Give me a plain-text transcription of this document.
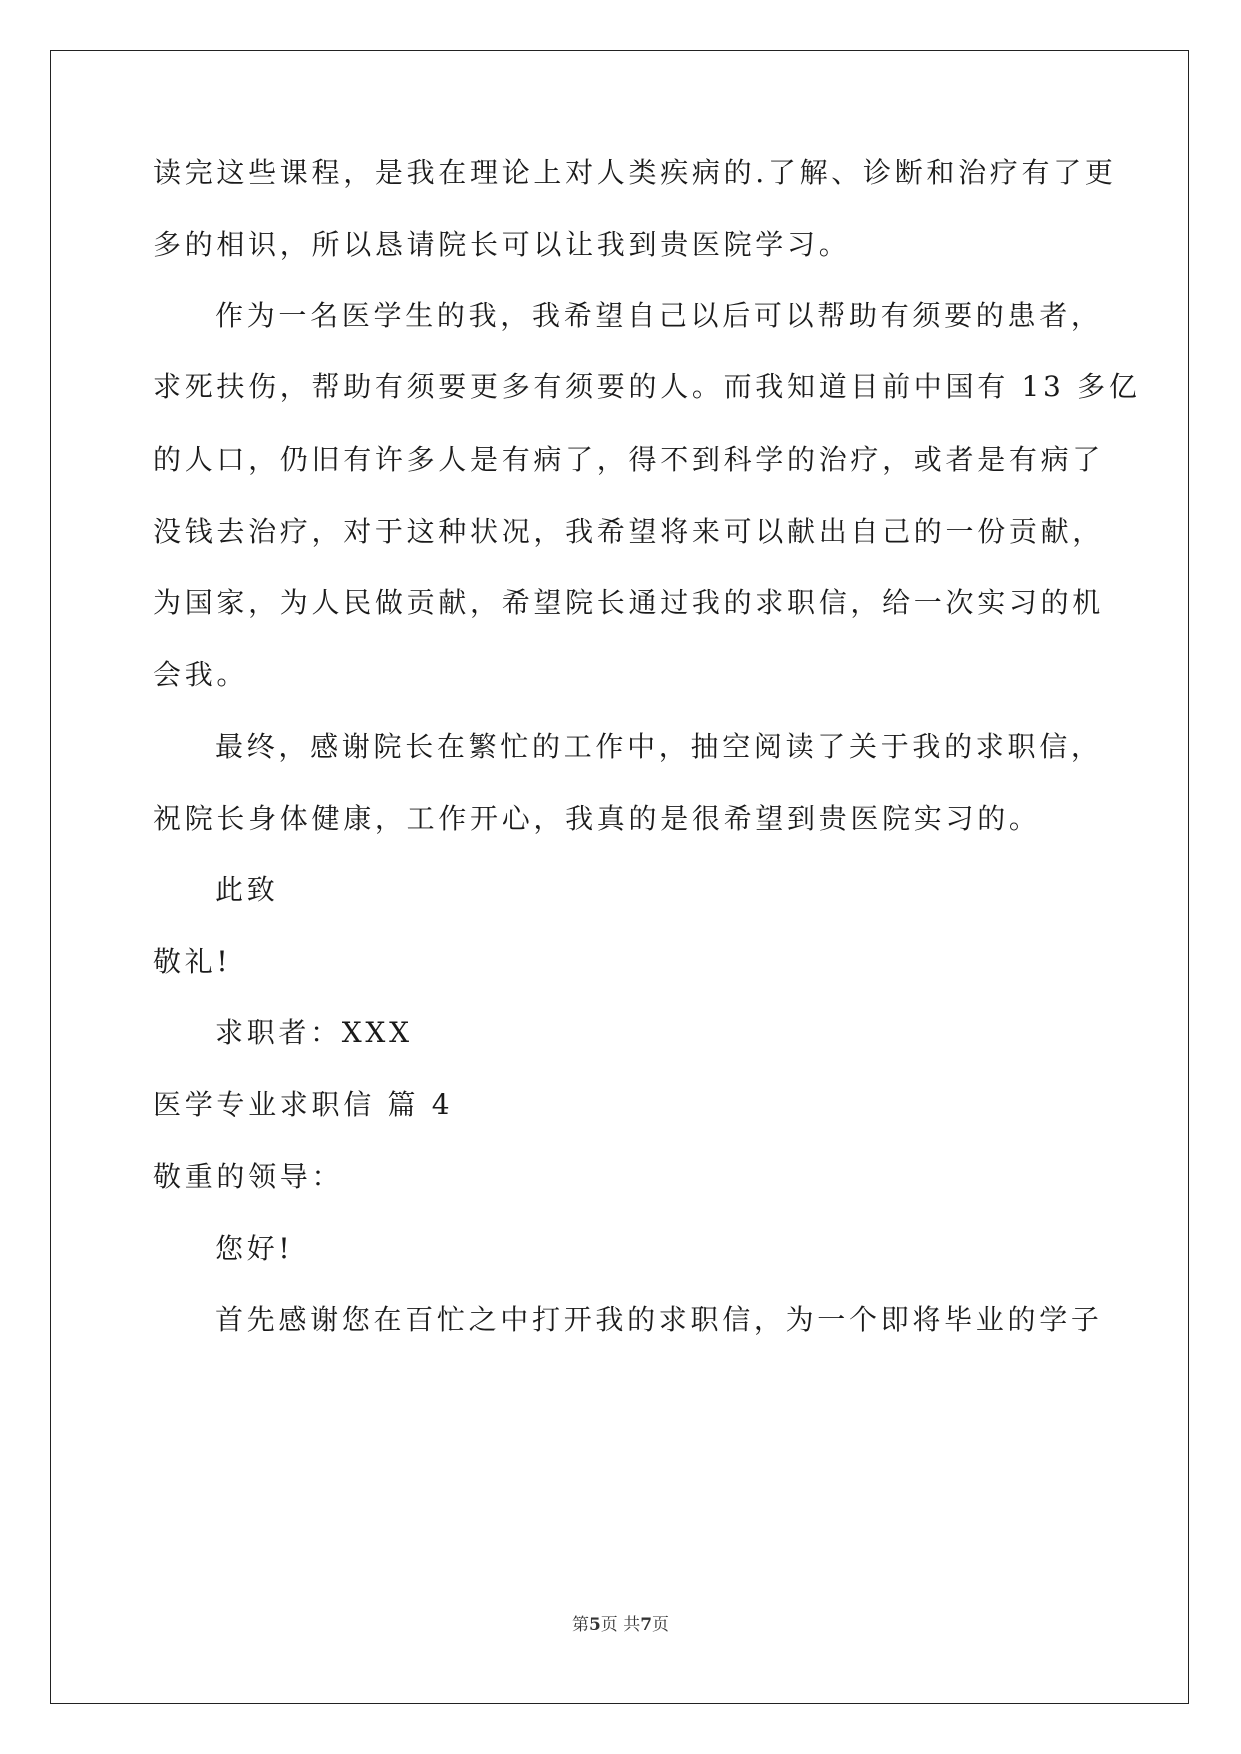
读完这些课程，是我在理论上对人类疾病的.了解、诊断和治疗有了更
多的相识，所以恳请院长可以让我到贵医院学习。
作为一名医学生的我，我希望自己以后可以帮助有须要的患者，
求死扶伤，帮助有须要更多有须要的人。而我知道目前中国有 13 多亿
的人口，仍旧有许多人是有病了，得不到科学的治疗，或者是有病了
没钱去治疗，对于这种状况，我希望将来可以献出自己的一份贡献，
为国家，为人民做贡献，希望院长通过我的求职信，给一次实习的机
会我。
最终，感谢院长在繁忙的工作中，抽空阅读了关于我的求职信，
祝院长身体健康，工作开心，我真的是很希望到贵医院实习的。
此致
敬礼!
求职者：XXX
医学专业求职信 篇 4
敬重的领导：
您好!
首先感谢您在百忙之中打开我的求职信，为一个即将毕业的学子
第5页 共7页
